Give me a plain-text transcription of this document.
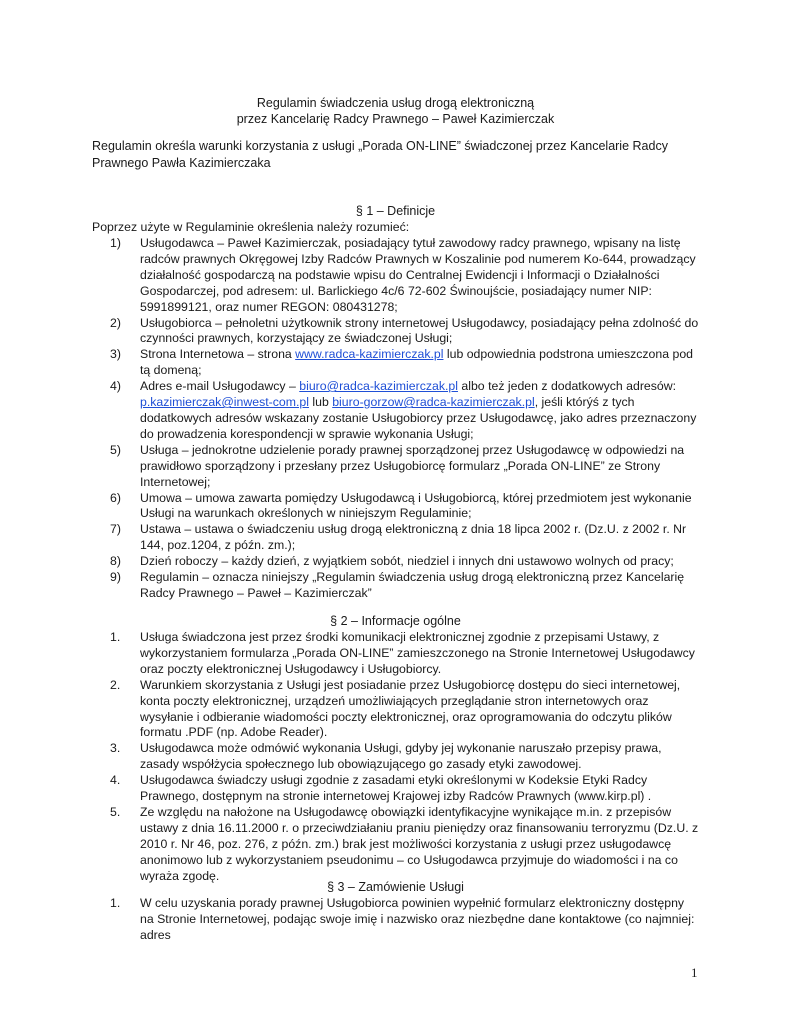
Regulamin świadczenia usług drogą elektroniczną
przez Kancelarię Radcy Prawnego – Paweł Kazimierczak
Regulamin określa warunki korzystania z usługi „Porada ON-LINE” świadczonej przez Kancelarie Radcy Prawnego Pawła Kazimierczaka
§ 1 – Definicje
Poprzez użyte w Regulaminie określenia należy rozumieć:
1) Usługodawca – Paweł Kazimierczak, posiadający tytuł zawodowy radcy prawnego, wpisany na listę radców prawnych Okręgowej Izby Radców Prawnych w Koszalinie pod numerem Ko-644, prowadzący działalność gospodarczą na podstawie wpisu do Centralnej Ewidencji i Informacji o Działalności Gospodarczej, pod adresem: ul. Barlickiego 4c/6 72-602 Świnoujście, posiadający numer NIP: 5991899121, oraz numer REGON: 080431278;
2) Usługobiorca – pełnoletni użytkownik strony internetowej Usługodawcy, posiadający pełna zdolność do czynności prawnych, korzystający ze świadczonej Usługi;
3) Strona Internetowa – strona www.radca-kazimierczak.pl lub odpowiednia podstrona umieszczona pod tą domeną;
4) Adres e-mail Usługodawcy – biuro@radca-kazimierczak.pl albo też jeden z dodatkowych adresów: p.kazimierczak@inwest-com.pl lub biuro-gorzow@radca-kazimierczak.pl, jeśli którýś z tych dodatkowych adresów wskazany zostanie Usługobiorcy przez Usługodawcę, jako adres przeznaczony do prowadzenia korespondencji w sprawie wykonania Usługi;
5) Usługa – jednokrotne udzielenie porady prawnej sporządzonej przez Usługodawcę w odpowiedzi na prawidłowo sporządzony i przesłany przez Usługobiorcę formularz „Porada ON-LINE” ze Strony Internetowej;
6) Umowa – umowa zawarta pomiędzy Usługodawcą i Usługobiorcą, której przedmiotem jest wykonanie Usługi na warunkach określonych w niniejszym Regulaminie;
7) Ustawa – ustawa o świadczeniu usług drogą elektroniczną z dnia 18 lipca 2002 r. (Dz.U. z 2002 r. Nr 144, poz.1204, z późn. zm.);
8) Dzień roboczy – każdy dzień, z wyjątkiem sobót, niedziel i innych dni ustawowo wolnych od pracy;
9) Regulamin – oznacza niniejszy „Regulamin świadczenia usług drogą elektroniczną przez Kancelarię Radcy Prawnego – Paweł – Kazimierczak”
§ 2 – Informacje ogólne
1. Usługa świadczona jest przez środki komunikacji elektronicznej zgodnie z przepisami Ustawy, z wykorzystaniem formularza „Porada ON-LINE” zamieszczonego na Stronie Internetowej Usługodawcy oraz poczty elektronicznej Usługodawcy i Usługobiorcy.
2. Warunkiem skorzystania z Usługi jest posiadanie przez Usługobiorcę dostępu do sieci internetowej, konta poczty elektronicznej, urządzeń umożliwiających przeglądanie stron internetowych oraz wysyłanie i odbieranie wiadomości poczty elektronicznej, oraz oprogramowania do odczytu plików formatu .PDF (np. Adobe Reader).
3. Usługodawca może odmówić wykonania Usługi, gdyby jej wykonanie naruszało przepisy prawa, zasady współżycia społecznego lub obowiązującego go zasady etyki zawodowej.
4. Usługodawca świadczy usługi zgodnie z zasadami etyki określonymi w Kodeksie Etyki Radcy Prawnego, dostępnym na stronie internetowej Krajowej izby Radców Prawnych (www.kirp.pl) .
5. Ze względu na nałożone na Usługodawcę obowiązki identyfikacyjne wynikające m.in. z przepisów ustawy z dnia 16.11.2000 r. o przeciwdziałaniu praniu pieniędzy oraz finansowaniu terroryzmu (Dz.U. z 2010 r. Nr 46, poz. 276, z późn. zm.) brak jest możliwości korzystania z usługi przez usługodawcę anonimowo lub z wykorzystaniem pseudonimu – co Usługodawca przyjmuje do wiadomości i na co wyraża zgodę.
§ 3 – Zamówienie Usługi
1. W celu uzyskania porady prawnej Usługobiorca powinien wypełnić formularz elektroniczny dostępny na Stronie Internetowej, podając swoje imię i nazwisko oraz niezbędne dane kontaktowe (co najmniej: adres
1
